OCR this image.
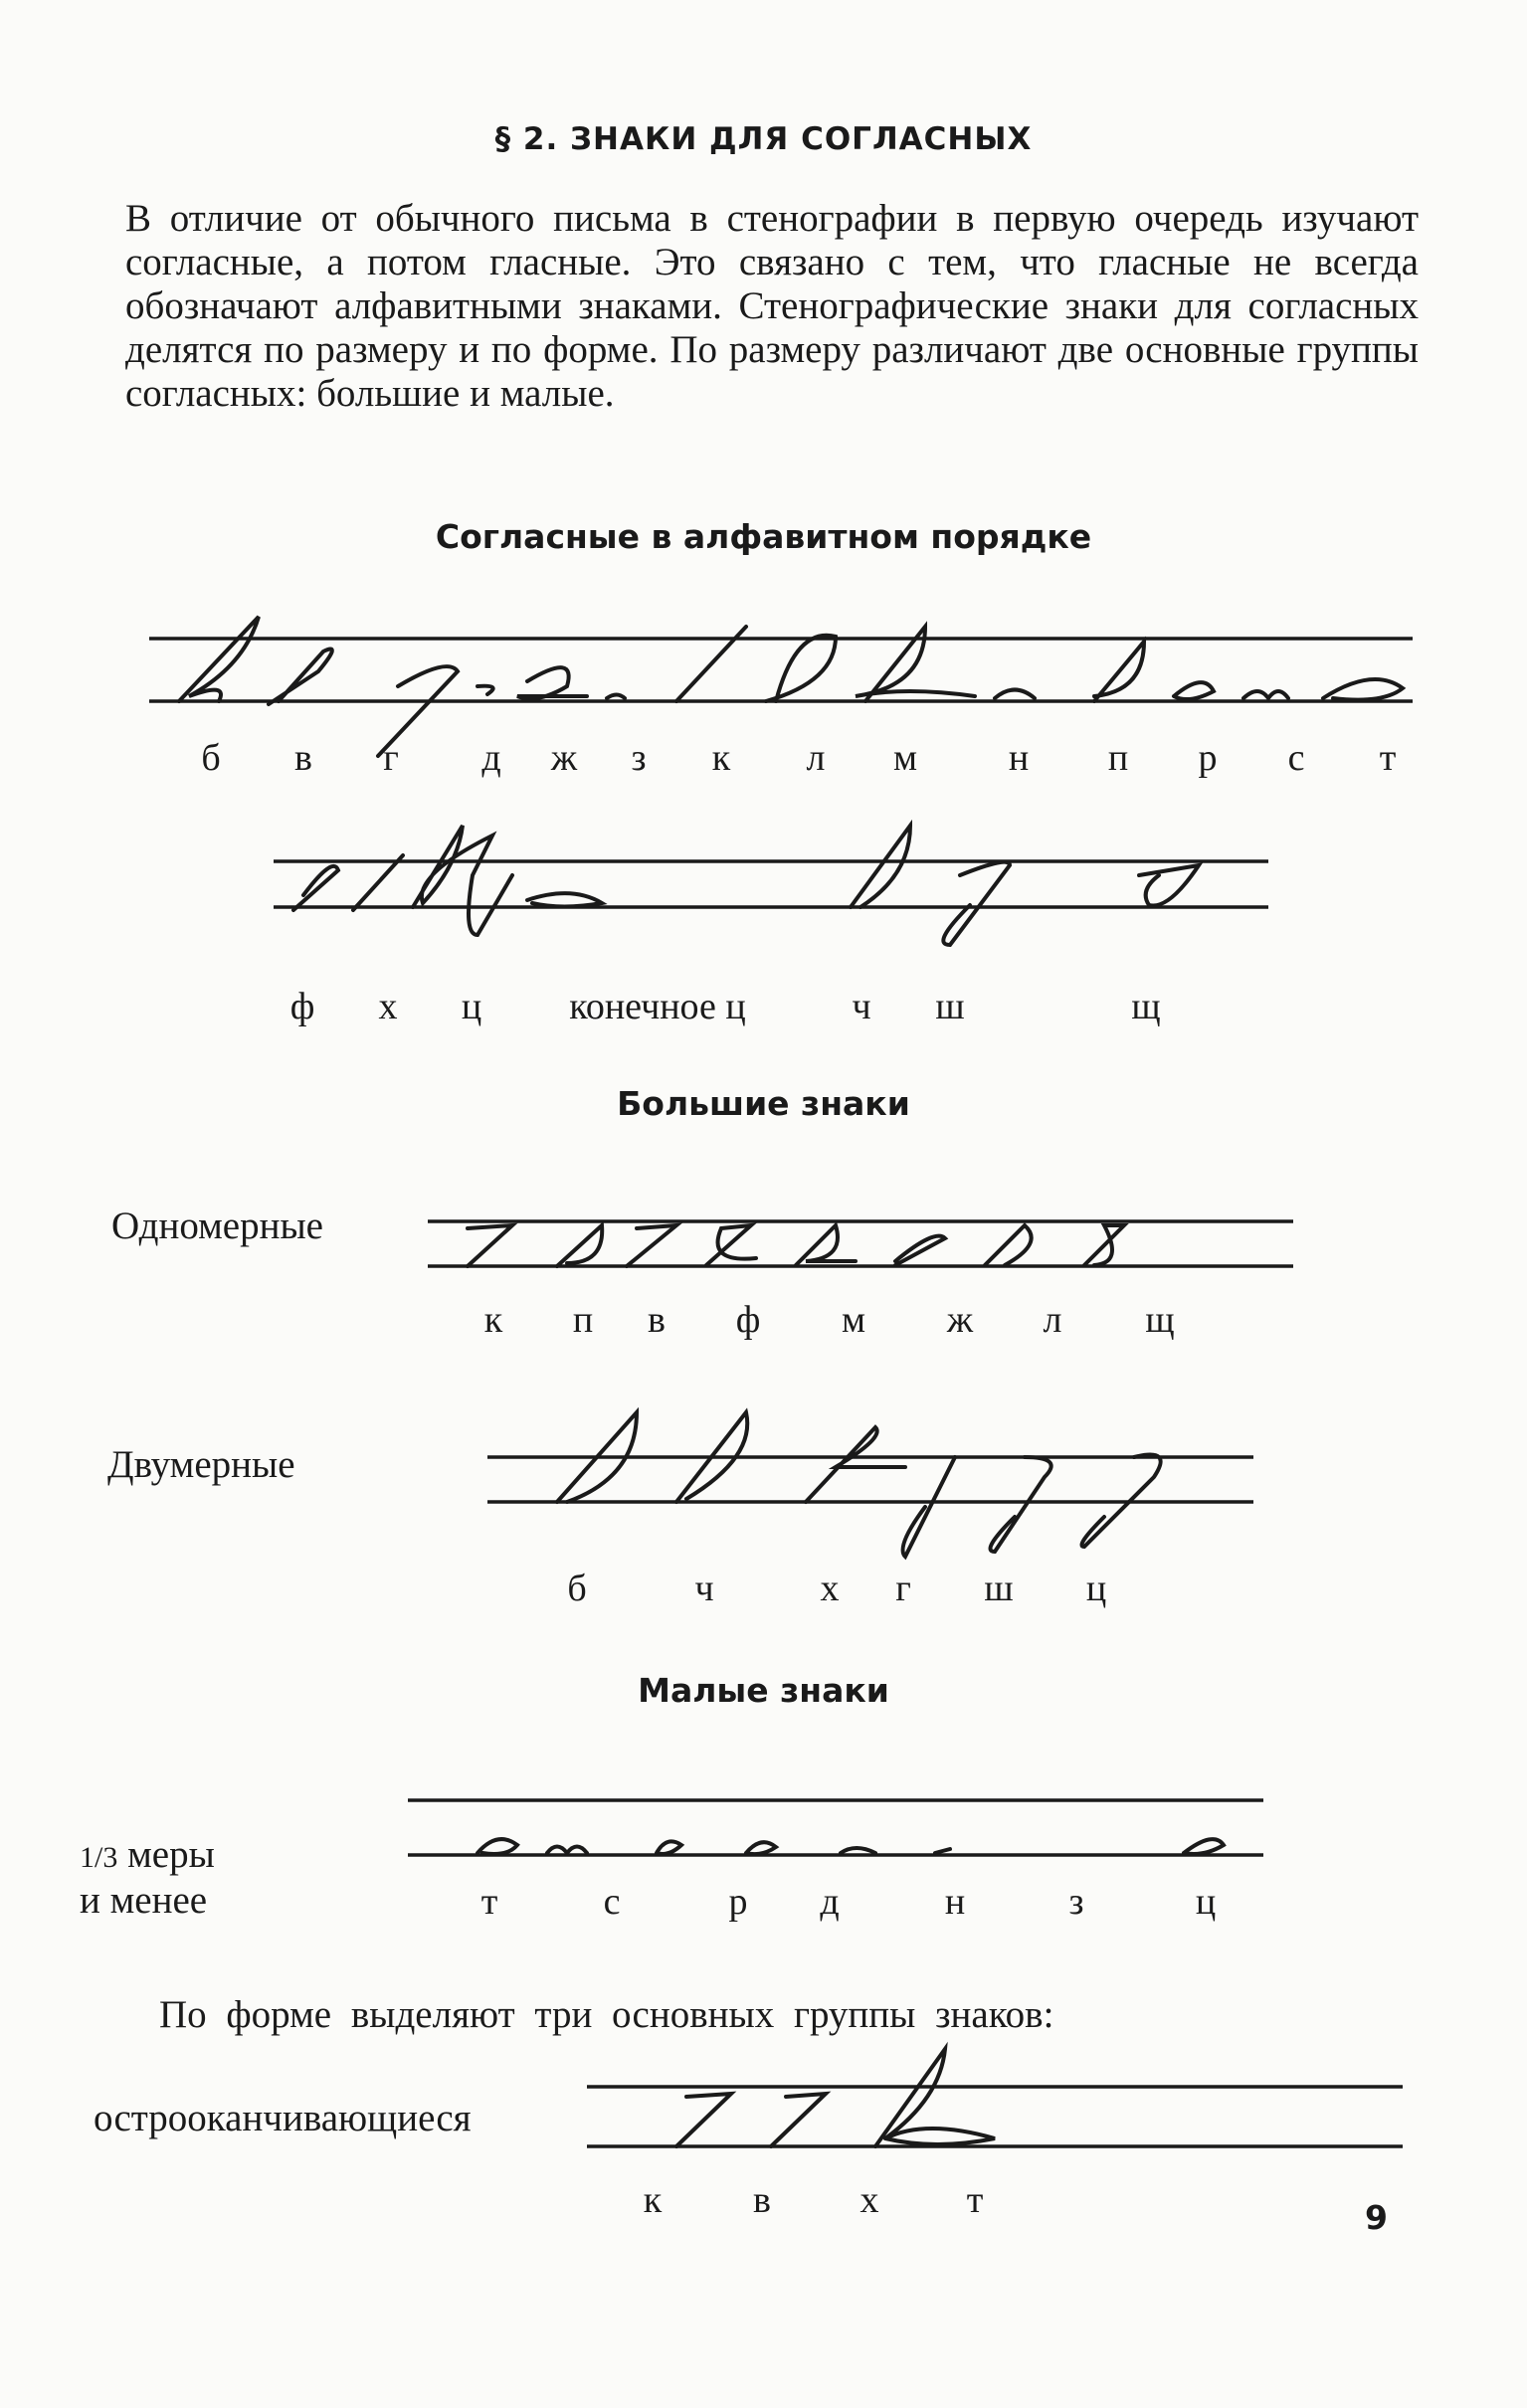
§ 2. ЗНАКИ ДЛЯ СОГЛАСНЫХ
В отличие от обычного письма в стенографии в первую очередь изучают согласные, а потом гласные. Это связано с тем, что гласные не всегда обозначают алфавитными знаками. Стенографические знаки для согласных делятся по размеру и по форме. По размеру различают две основные группы согласных: большие и малые.
Согласные в алфавитном порядке
б в г д ж з к л м н п р с т
ф х ц конечное ц	ч ш	щ
Большие знаки
Одномерные
к п в ф м ж л щ
Двумерные
б	ч	х г ш ц
Малые знаки
1/3 меры
и менее	т	с	р д	н	з	ц
По форме выделяют три основных группы знаков:
острооканчивающиеся
к в х т	9
